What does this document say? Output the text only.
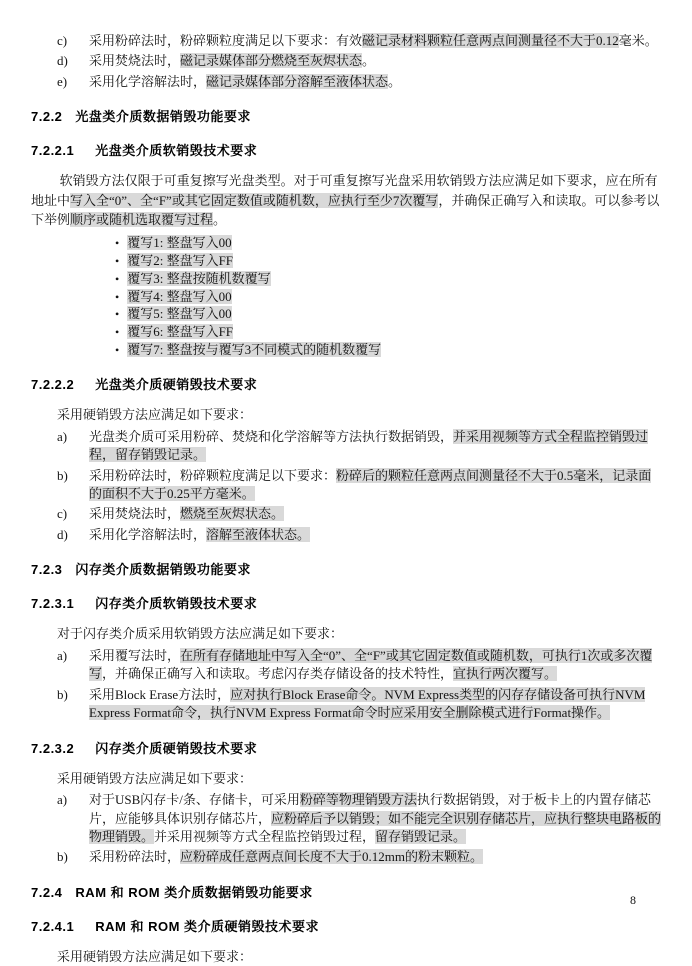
c) 采用粉碎法时，粉碎颗粒度满足以下要求：有效磁记录材料颗粒任意两点间测量径不大于0.12毫米。
d) 采用焚烧法时，磁记录媒体部分燃烧至灰烬状态。
e) 采用化学溶解法时，磁记录媒体部分溶解至液体状态。
7.2.2 光盘类介质数据销毁功能要求
7.2.2.1 光盘类介质软销毁技术要求
软销毁方法仅限于可重复擦写光盘类型。对于可重复擦写光盘采用软销毁方法应满足如下要求，应在所有地址中写入全“0”、全“F”或其它固定数值或随机数，应执行至少7次覆写，并确保正确写入和读取。可以参考以下举例顺序或随机选取覆写过程。
• 覆写1: 整盘写入00
• 覆写2: 整盘写入FF
• 覆写3: 整盘按随机数覆写
• 覆写4: 整盘写入00
• 覆写5: 整盘写入00
• 覆写6: 整盘写入FF
• 覆写7: 整盘按与覆写3不同模式的随机数覆写
7.2.2.2 光盘类介质硬销毁技术要求
采用硬销毁方法应满足如下要求：
a) 光盘类介质可采用粉碎、焚烧和化学溶解等方法执行数据销毁，并采用视频等方式全程监控销毁过程，留存销毁记录。
b) 采用粉碎法时，粉碎颗粒度满足以下要求：粉碎后的颗粒任意两点间测量径不大于0.5毫米，记录面的面积不大于0.25平方毫米。
c) 采用焚烧法时，燃烧至灰烬状态。
d) 采用化学溶解法时，溶解至液体状态。
7.2.3 闪存类介质数据销毁功能要求
7.2.3.1 闪存类介质软销毁技术要求
对于闪存类介质采用软销毁方法应满足如下要求：
a) 采用覆写法时，在所有存储地址中写入全“0”、全“F”或其它固定数值或随机数，可执行1次或多次覆写，并确保正确写入和读取。考虑闪存类存储设备的技术特性，宜执行两次覆写。
b) 采用Block Erase方法时，应对执行Block Erase命令。NVM Express类型的闪存存储设备可执行NVM Express Format命令，执行NVM Express Format命令时应采用安全删除模式进行Format操作。
7.2.3.2 闪存类介质硬销毁技术要求
采用硬销毁方法应满足如下要求：
a) 对于USB闪存卡/条、存储卡，可采用粉碎等物理销毁方法执行数据销毁，对于板卡上的内置存储芯片，应能够具体识别存储芯片，应粉碎后予以销毁；如不能完全识别存储芯片，应执行整块电路板的物理销毁。并采用视频等方式全程监控销毁过程，留存销毁记录。
b) 采用粉碎法时，应粉碎成任意两点间长度不大于0.12mm的粉末颗粒。
7.2.4 RAM 和 ROM 类介质数据销毁功能要求
7.2.4.1 RAM 和 ROM 类介质硬销毁技术要求
采用硬销毁方法应满足如下要求：
8
